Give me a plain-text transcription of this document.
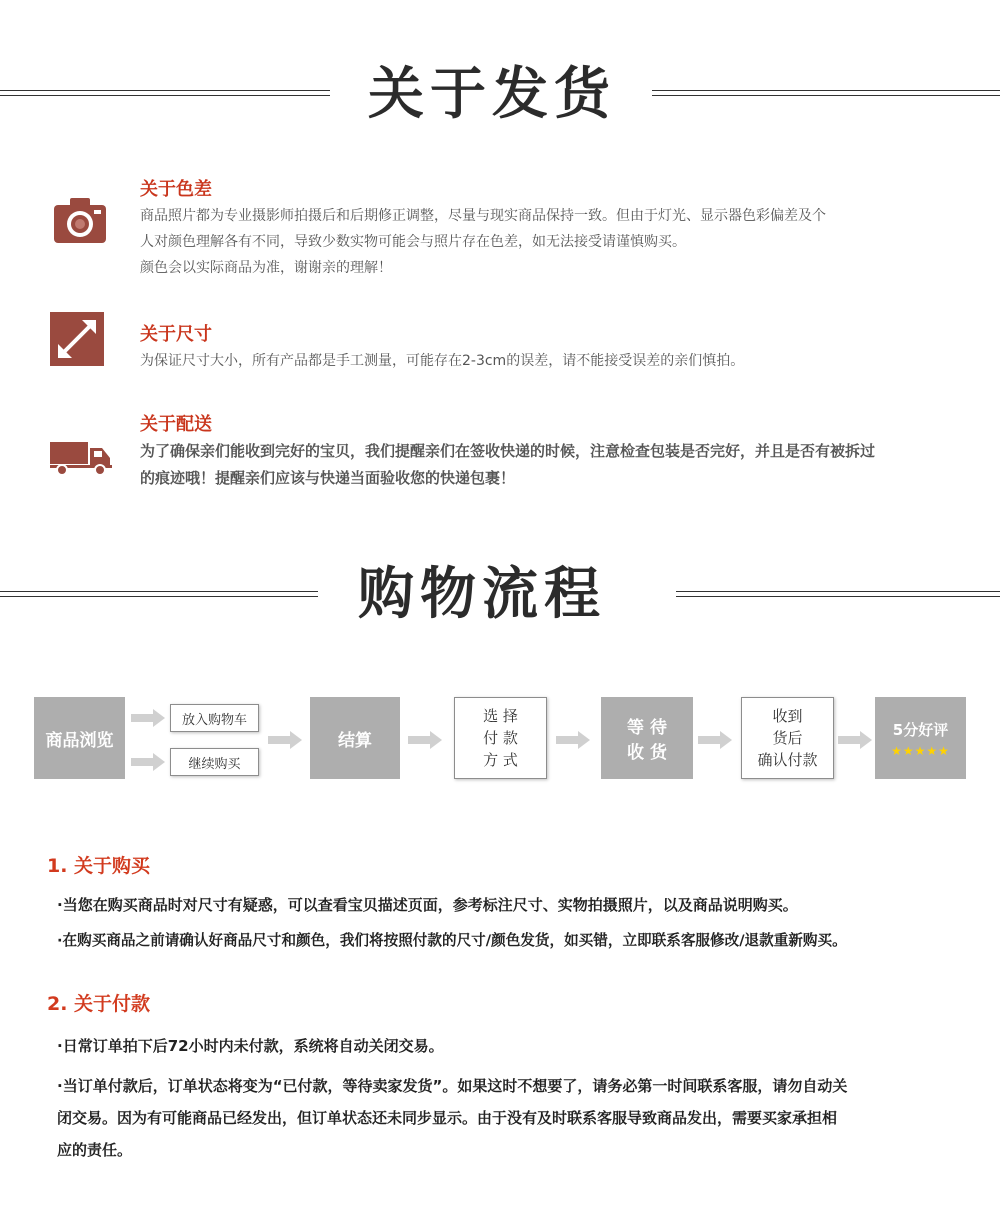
关于发货
关于色差
商品照片都为专业摄影师拍摄后和后期修正调整，尽量与现实商品保持一致。但由于灯光、显示器色彩偏差及个
人对颜色理解各有不同，导致少数实物可能会与照片存在色差，如无法接受请谨慎购买。
颜色会以实际商品为准，谢谢亲的理解！
关于尺寸
为保证尺寸大小，所有产品都是手工测量，可能存在2-3cm的误差，请不能接受误差的亲们慎拍。
关于配送
为了确保亲们能收到完好的宝贝，我们提醒亲们在签收快递的时候，注意检查包装是否完好，并且是否有被拆过
的痕迹哦！提醒亲们应该与快递当面验收您的快递包裹！
购物流程
商品浏览
放入购物车
继续购买
结算
选 择
付 款
方 式
等 待
收 货
收到
货后
确认付款
5分好评
★★★★★
1. 关于购买
·当您在购买商品时对尺寸有疑惑，可以查看宝贝描述页面，参考标注尺寸、实物拍摄照片，以及商品说明购买。
·在购买商品之前请确认好商品尺寸和颜色，我们将按照付款的尺寸/颜色发货，如买错，立即联系客服修改/退款重新购买。
2. 关于付款
·日常订单拍下后72小时内未付款，系统将自动关闭交易。
·当订单付款后，订单状态将变为“已付款，等待卖家发货”。如果这时不想要了，请务必第一时间联系客服，请勿自动关
闭交易。因为有可能商品已经发出，但订单状态还未同步显示。由于没有及时联系客服导致商品发出，需要买家承担相
应的责任。
